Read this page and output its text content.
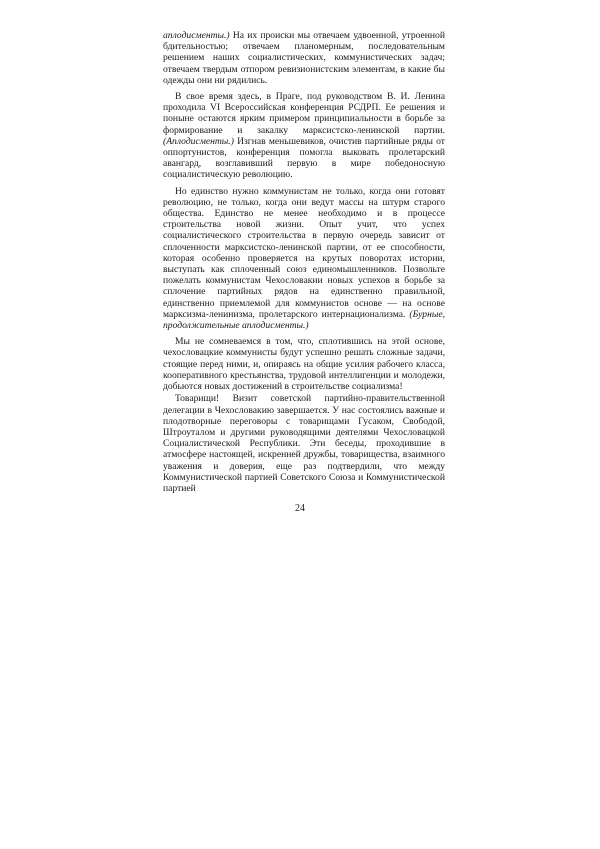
аплодисменты.) На их происки мы отвечаем удвоенной, утроенной бдительностью; отвечаем планомерным, последовательным решением наших социалистических, коммунистических задач; отвечаем твердым отпором ревизионистским элементам, в какие бы одежды они ни рядились.

В свое время здесь, в Праге, под руководством В. И. Ленина проходила VI Всероссийская конференция РСДРП. Ее решения и поныне остаются ярким примером принципиальности в борьбе за формирование и закалку марксистско-ленинской партии. (Аплодисменты.) Изгнав меньшевиков, очистив партийные ряды от оппортунистов, конференция помогла выковать пролетарский авангард, возглавивший первую в мире победоносную социалистическую революцию.

Но единство нужно коммунистам не только, когда они готовят революцию, не только, когда они ведут массы на штурм старого общества. Единство не менее необходимо и в процессе строительства новой жизни. Опыт учит, что успех социалистического строительства в первую очередь зависит от сплоченности марксистско-ленинской партии, от ее способности, которая особенно проверяется на крутых поворотах истории, выступать как сплоченный союз единомышленников. Позвольте пожелать коммунистам Чехословакии новых успехов в борьбе за сплочение партийных рядов на единственно правильной, единственно приемлемой для коммунистов основе — на основе марксизма-ленинизма, пролетарского интернационализма. (Бурные, продолжительные аплодисменты.)

Мы не сомневаемся в том, что, сплотившись на этой основе, чехословацкие коммунисты будут успешно решать сложные задачи, стоящие перед ними, и, опираясь на общие усилия рабочего класса, кооперативного крестьянства, трудовой интеллигенции и молодежи, добьются новых достижений в строительстве социализма!

Товарищи! Визит советской партийно-правительственной делегации в Чехословакию завершается. У нас состоялись важные и плодотворные переговоры с товарищами Гусаком, Свободой, Штроуталом и другими руководящими деятелями Чехословацкой Социалистической Республики. Эти беседы, проходившие в атмосфере настоящей, искренней дружбы, товарищества, взаимного уважения и доверия, еще раз подтвердили, что между Коммунистической партией Советского Союза и Коммунистической партией

24
